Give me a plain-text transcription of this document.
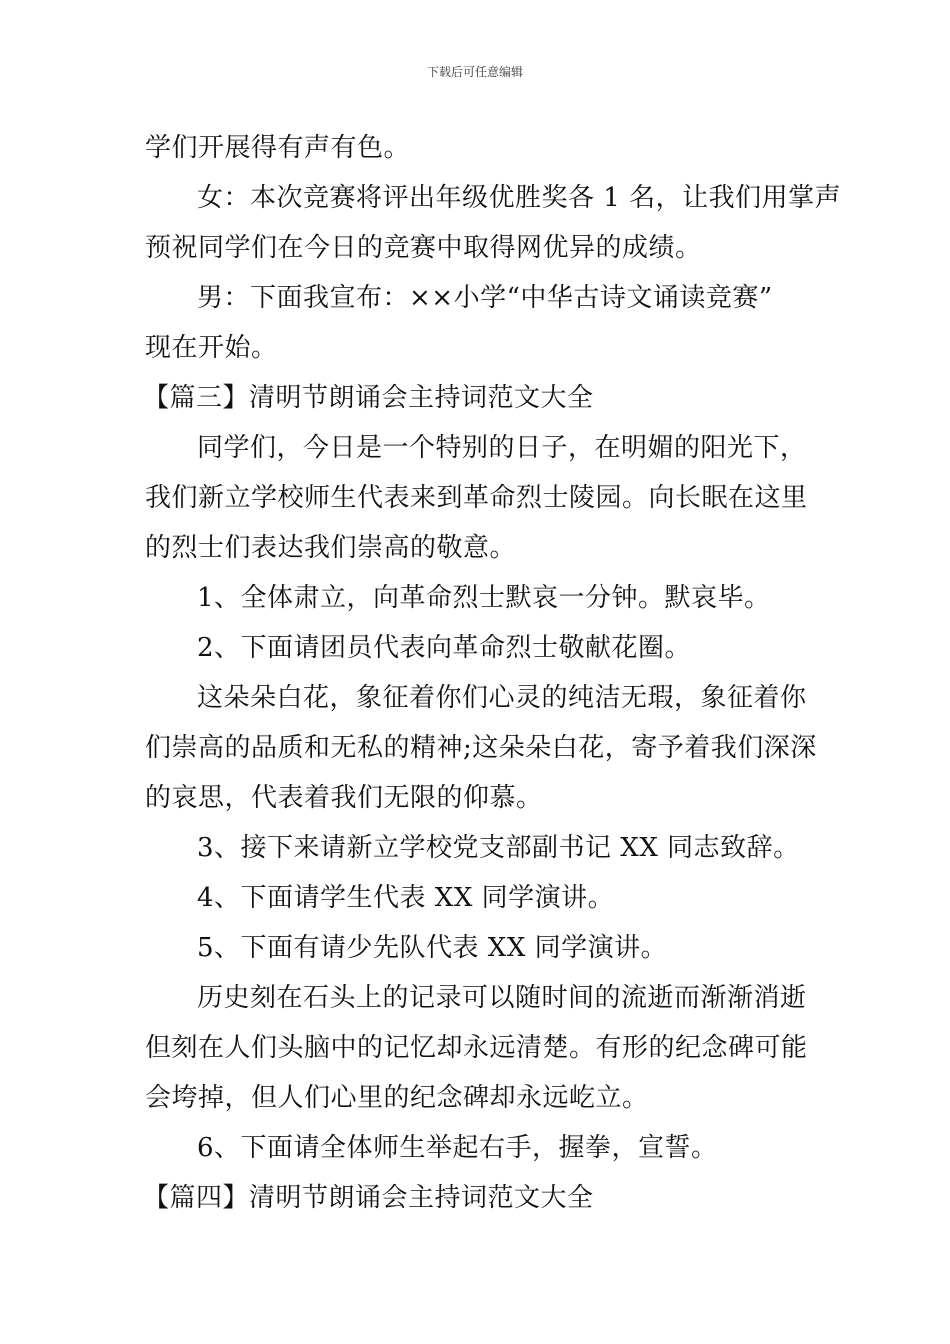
下载后可任意编辑
学们开展得有声有色。
女：本次竞赛将评出年级优胜奖各 1 名，让我们用掌声
预祝同学们在今日的竞赛中取得网优异的成绩。
男：下面我宣布：××小学“中华古诗文诵读竞赛”
现在开始。
【篇三】清明节朗诵会主持词范文大全
同学们，今日是一个特别的日子，在明媚的阳光下，
我们新立学校师生代表来到革命烈士陵园。向长眠在这里
的烈士们表达我们崇高的敬意。
1、全体肃立，向革命烈士默哀一分钟。默哀毕。
2、下面请团员代表向革命烈士敬献花圈。
这朵朵白花，象征着你们心灵的纯洁无瑕，象征着你
们崇高的品质和无私的精神;这朵朵白花，寄予着我们深深
的哀思，代表着我们无限的仰慕。
3、接下来请新立学校党支部副书记 XX 同志致辞。
4、下面请学生代表 XX 同学演讲。
5、下面有请少先队代表 XX 同学演讲。
历史刻在石头上的记录可以随时间的流逝而渐渐消逝
但刻在人们头脑中的记忆却永远清楚。有形的纪念碑可能
会垮掉，但人们心里的纪念碑却永远屹立。
6、下面请全体师生举起右手，握拳，宣誓。
【篇四】清明节朗诵会主持词范文大全
